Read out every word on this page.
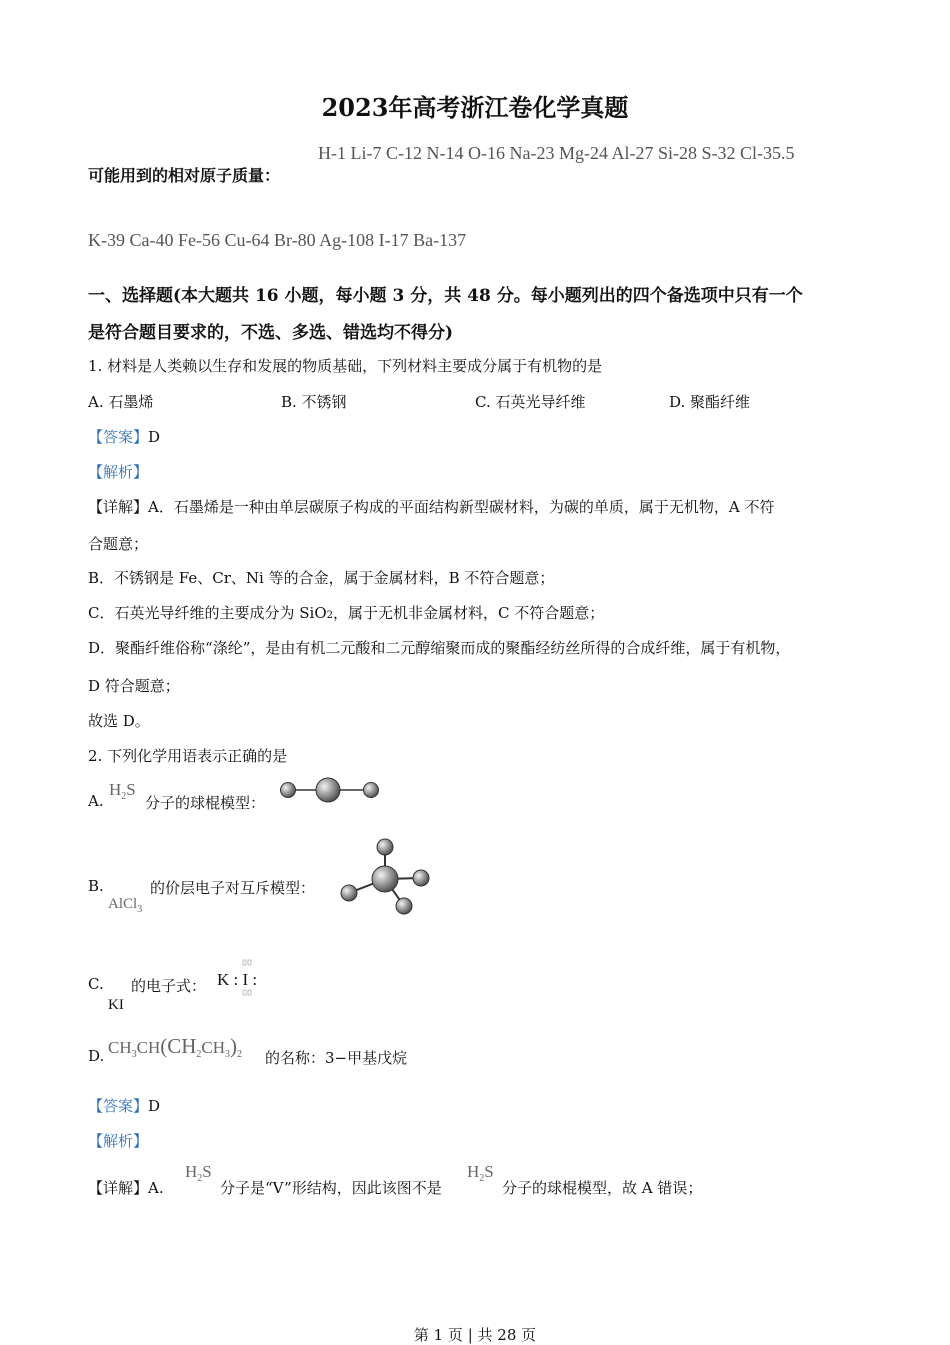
2023年高考浙江卷化学真题
可能用到的相对原子质量：
H-1 Li-7 C-12 N-14 O-16 Na-23 Mg-24 Al-27 Si-28 S-32 Cl-35.5
K-39 Ca-40 Fe-56 Cu-64 Br-80 Ag-108 I-17 Ba-137
一、选择题(本大题共 16 小题，每小题 3 分，共 48 分。每小题列出的四个备选项中只有一个
是符合题目要求的，不选、多选、错选均不得分)
1. 材料是人类赖以生存和发展的物质基础，下列材料主要成分属于有机物的是
A. 石墨烯	B. 不锈钢	C. 石英光导纤维	D. 聚酯纤维
【答案】D
【解析】
【详解】A．石墨烯是一种由单层碳原子构成的平面结构新型碳材料，为碳的单质，属于无机物，A 不符
合题意；
B．不锈钢是 Fe、Cr、Ni 等的合金，属于金属材料，B 不符合题意；
C．石英光导纤维的主要成分为 SiO2，属于无机非金属材料，C 不符合题意；
D．聚酯纤维俗称“涤纶”，是由有机二元酸和二元醇缩聚而成的聚酯经纺丝所得的合成纤维，属于有机物，
D 符合题意；
故选 D。
2. 下列化学用语表示正确的是
A.
$H_2S$
分子的球棍模型：
B.	的价层电子对互斥模型：
AlCl$_3$
C. 的电子式：
KI
K : I :
D. $CH_3CH(CH_2CH_3)_2$ 的名称：3−甲基戊烷
【答案】D
【解析】
【详解】A.
$H_2S$
分子是“V”形结构，因此该图不是
$H_2S$
分子的球棍模型，故 A 错误；
第 1 页 | 共 28 页
